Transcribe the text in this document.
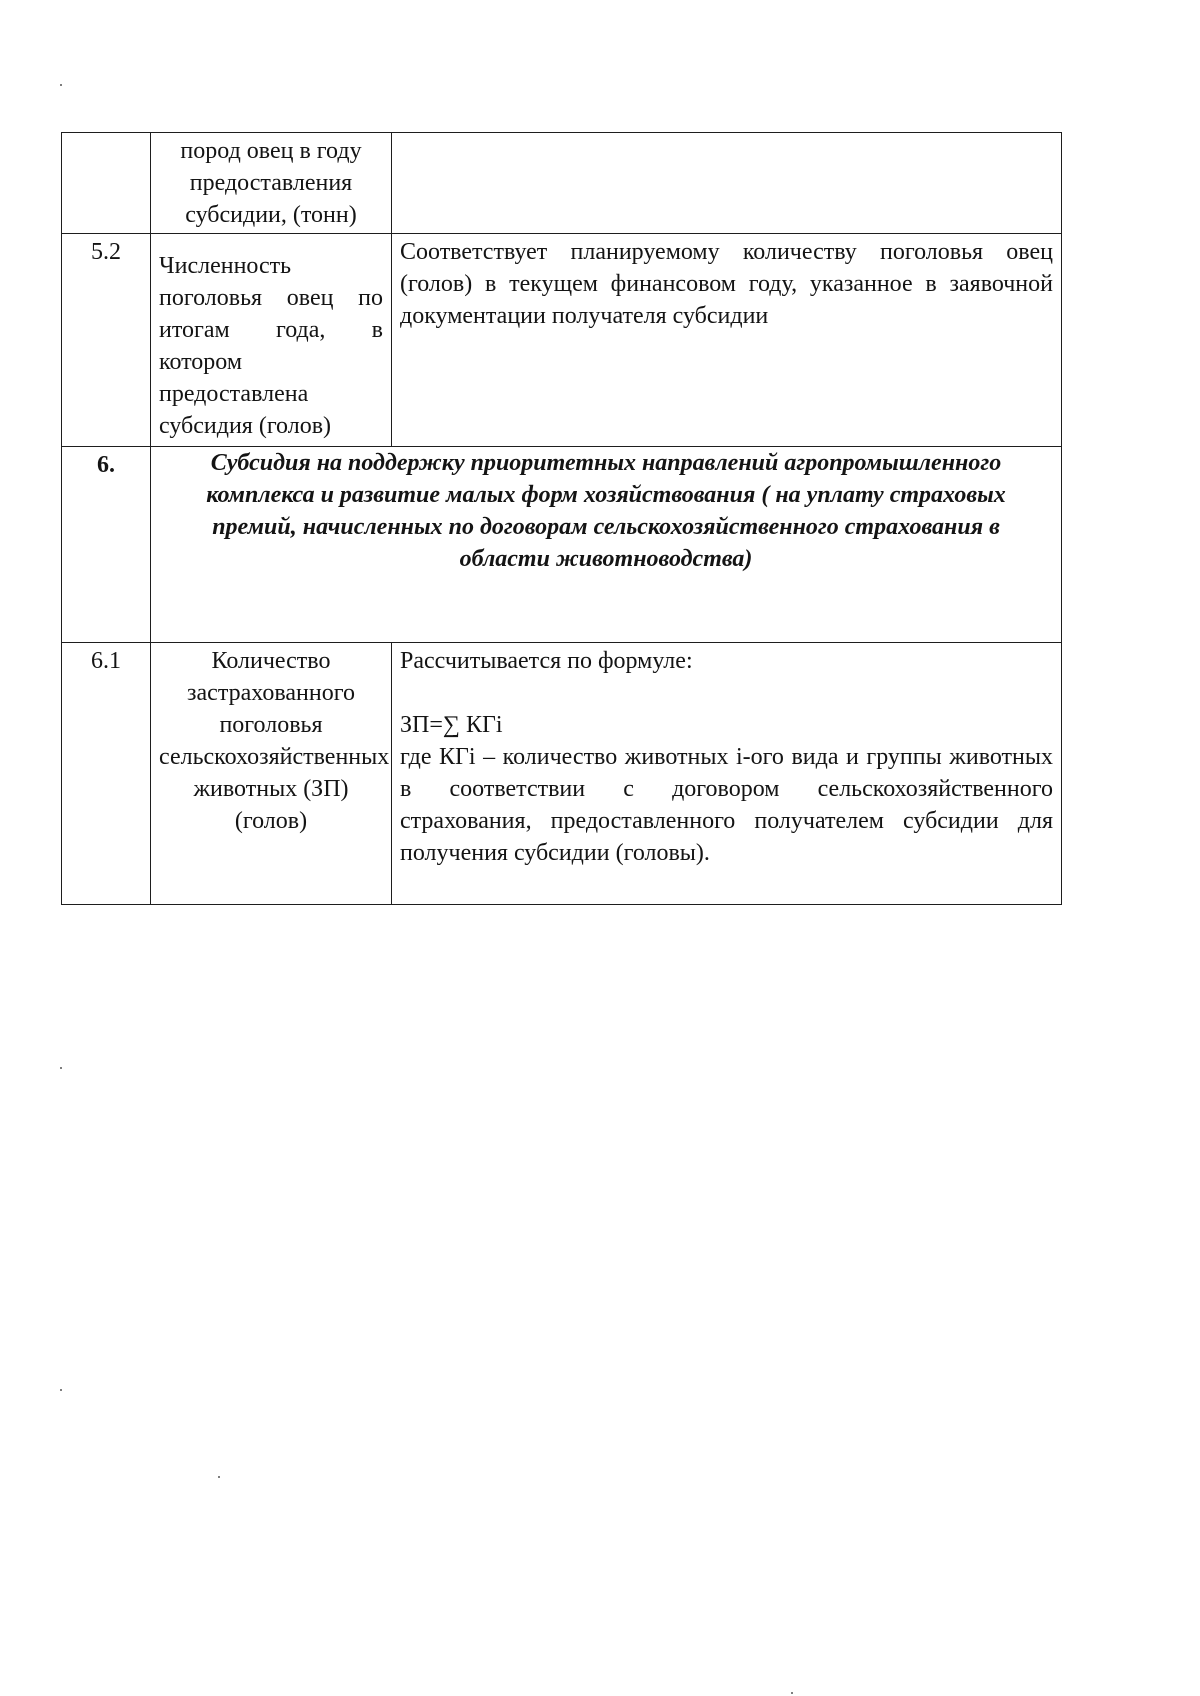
	пород овец в году предоставления субсидии, (тонн)	

5.2	Численность поголовья овец по итогам года, в котором предоставлена субсидия (голов)	Соответствует планируемому количеству поголовья овец (голов) в текущем финансовом году, указанное в заявочной документации получателя субсидии

6.	Субсидия на поддержку приоритетных направлений агропромышленного комплекса и развитие малых форм хозяйствования ( на уплату страховых премий, начисленных по договорам сельскохозяйственного страхования в области животноводства)	

6.1	Количество застрахованного поголовья сельскохозяйственных животных (ЗП) (голов)	Рассчитывается по формуле:
ЗП=∑ КГi
где КГi – количество животных i-ого вида и группы животных в соответствии с договором сельскохозяйственного страхования, предоставленного получателем субсидии для получения субсидии (головы).
